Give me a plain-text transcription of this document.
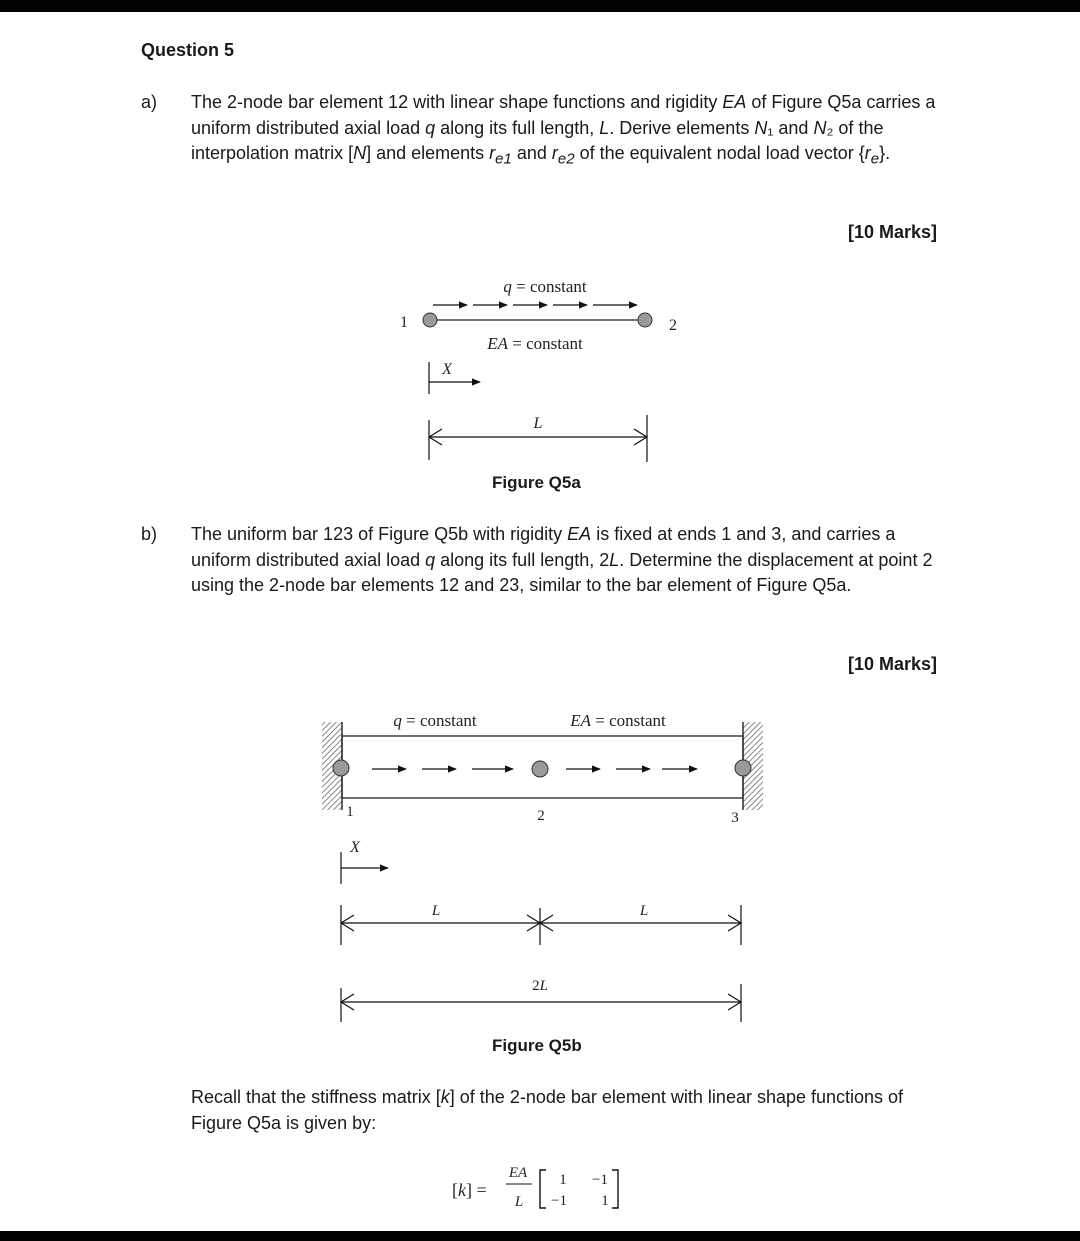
Question 5
a) The 2-node bar element 12 with linear shape functions and rigidity EA of Figure Q5a carries a uniform distributed axial load q along its full length, L. Derive elements N₁ and N₂ of the interpolation matrix [N] and elements $r_{e1}$ and $r_{e2}$ of the equivalent nodal load vector $\{r_e\}$.

[10 Marks]
q = constant
1	2
EA = constant
X
L
Figure Q5a
b) The uniform bar 123 of Figure Q5b with rigidity EA is fixed at ends 1 and 3, and carries a uniform distributed axial load q along its full length, 2L. Determine the displacement at point 2 using the 2-node bar elements 12 and 23, similar to the bar element of Figure Q5a.

[10 Marks]
q = constant	EA = constant
1	2	3
X
L	L
2L
Figure Q5b

Recall that the stiffness matrix [k] of the 2-node bar element with linear shape functions of Figure Q5a is given by:

[k] =
EA
L
1 −1
−1 1
